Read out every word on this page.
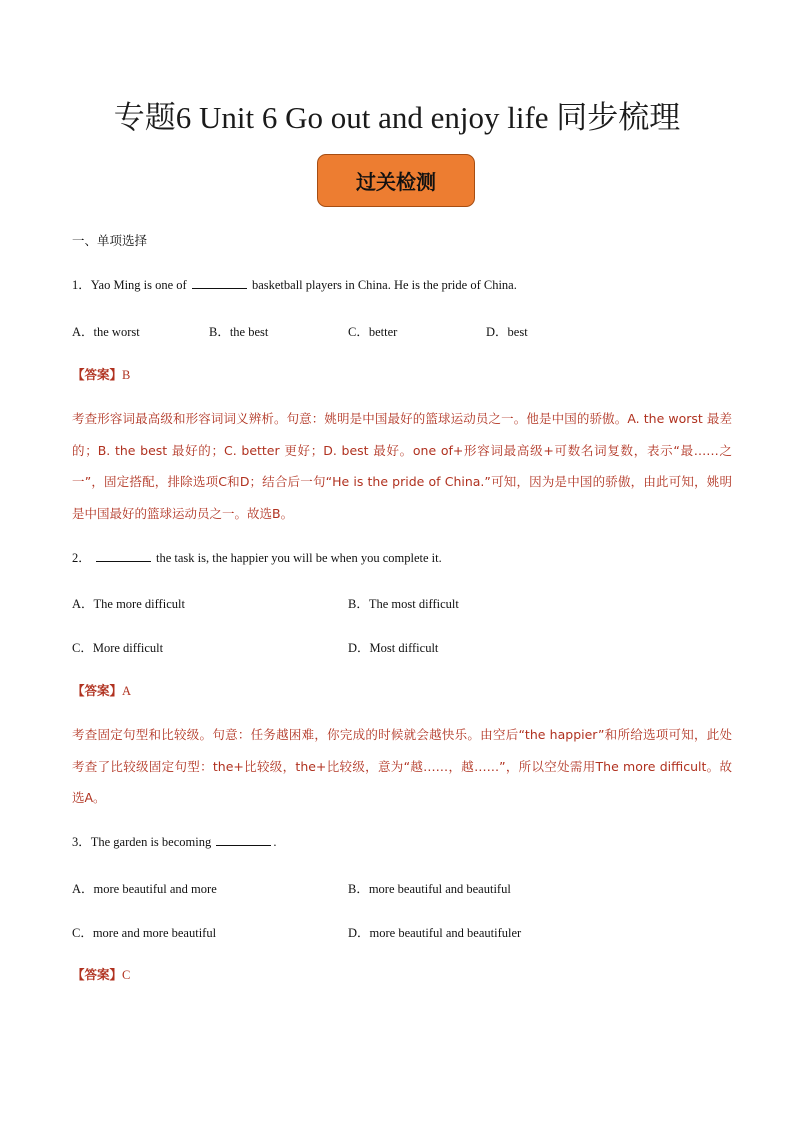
专题6 Unit 6 Go out and enjoy life 同步梳理
过关检测
一、单项选择
1．Yao Ming is one of	basketball players in China. He is the pride of China.
A．the worst	B．the best	C．better	D．best
【答案】B
考查形容词最高级和形容词词义辨析。句意：姚明是中国最好的篮球运动员之一。他是中国的骄傲。A. the worst 最差的；B. the best 最好的；C. better 更好；D. best 最好。one of+形容词最高级+可数名词复数，表示“最……之一”，固定搭配，排除选项C和D；结合后一句“He is the pride of China.”可知，因为是中国的骄傲，由此可知，姚明是中国最好的篮球运动员之一。故选B。
2．	the task is, the happier you will be when you complete it.
A．The more difficult	B．The most difficult
C．More difficult	D．Most difficult
【答案】A
考查固定句型和比较级。句意：任务越困难，你完成的时候就会越快乐。由空后“the happier”和所给选项可知，此处考查了比较级固定句型：the+比较级，the+比较级，意为“越……，越……”，所以空处需用The more difficult。故选A。
3．The garden is becoming	.
A．more beautiful and more	B．more beautiful and beautiful
C．more and more beautiful	D．more beautiful and beautifuler
【答案】C
